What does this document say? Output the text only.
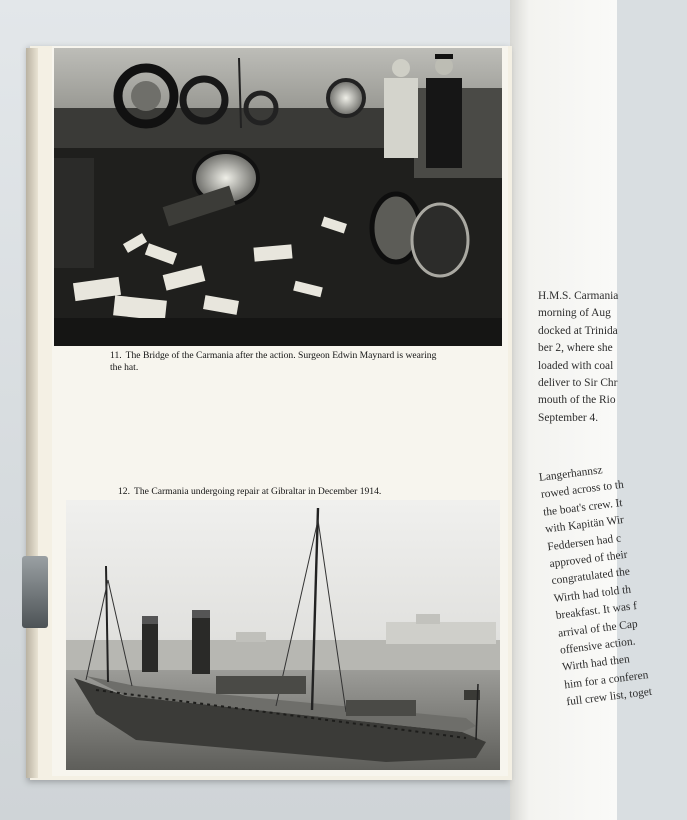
11. The Bridge of the Carmania after the action. Surgeon Edwin Maynard is wearing the hat.
12. The Carmania undergoing repair at Gibraltar in December 1914.
H.M.S. Carmania
morning of Aug
docked at Trinida
ber 2, where she
loaded with coal
deliver to Sir Chr
mouth of the Rio
September 4.
Langerhannsz
rowed across to th
the boat's crew. It
with Kapitän Wir
Feddersen had c
approved of their
congratulated the
Wirth had told th
breakfast. It was f
arrival of the Cap
offensive action.
Wirth had then
him for a conferen
full crew list, toget
